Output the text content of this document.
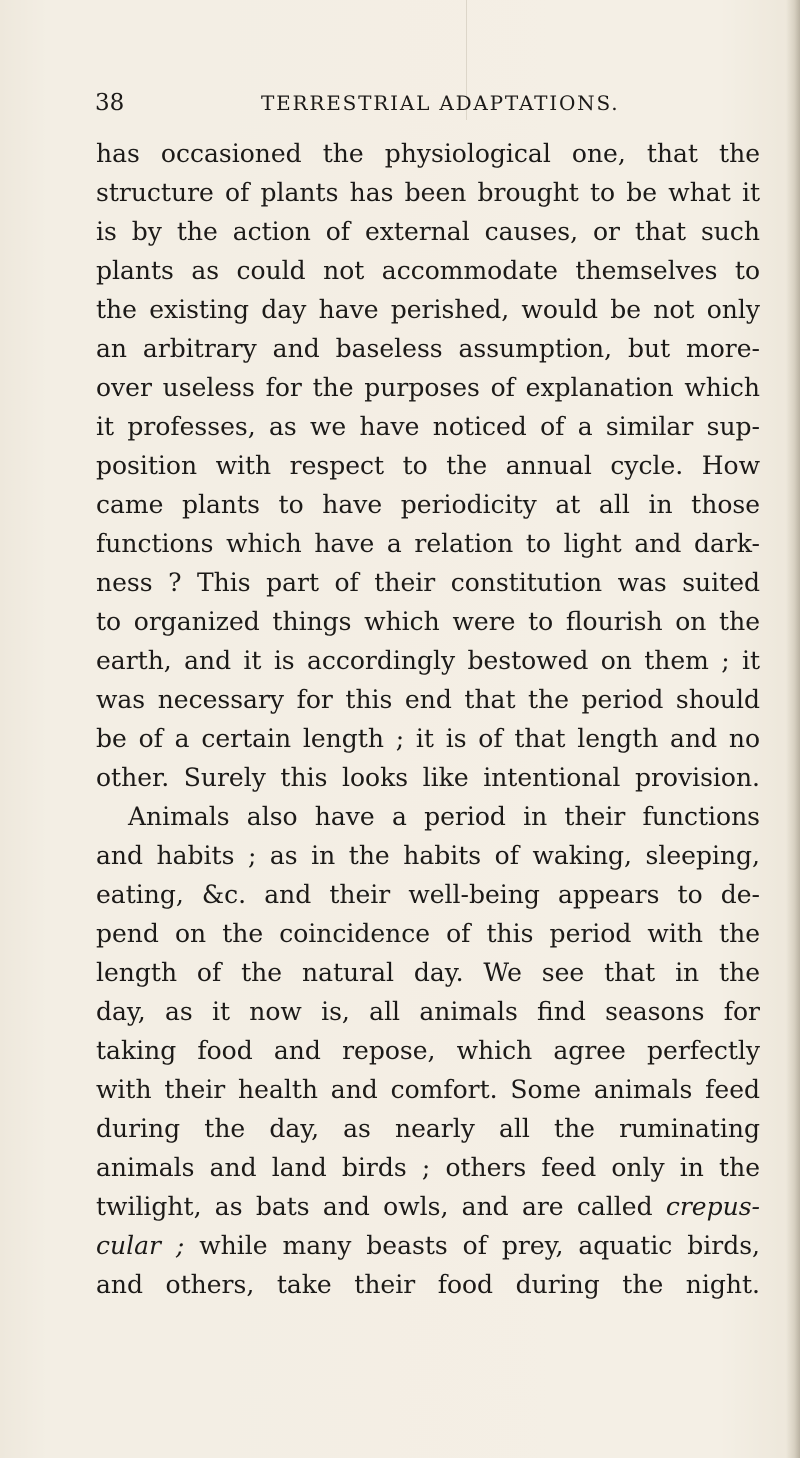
38	TERRESTRIAL ADAPTATIONS.
has occasioned the physiological one, that the
structure of plants has been brought to be what it
is by the action of external causes, or that such
plants as could not accommodate themselves to
the existing day have perished, would be not only
an arbitrary and baseless assumption, but more-
over useless for the purposes of explanation which
it professes, as we have noticed of a similar sup-
position with respect to the annual cycle. How
came plants to have periodicity at all in those
functions which have a relation to light and dark-
ness ? This part of their constitution was suited
to organized things which were to flourish on the
earth, and it is accordingly bestowed on them ; it
was necessary for this end that the period should
be of a certain length ; it is of that length and no
other. Surely this looks like intentional provision.
Animals also have a period in their functions
and habits ; as in the habits of waking, sleeping,
eating, &c. and their well-being appears to de-
pend on the coincidence of this period with the
length of the natural day. We see that in the
day, as it now is, all animals find seasons for
taking food and repose, which agree perfectly
with their health and comfort. Some animals feed
during the day, as nearly all the ruminating
animals and land birds ; others feed only in the
twilight, as bats and owls, and are called crepus-
cular ; while many beasts of prey, aquatic birds,
and others, take their food during the night.
